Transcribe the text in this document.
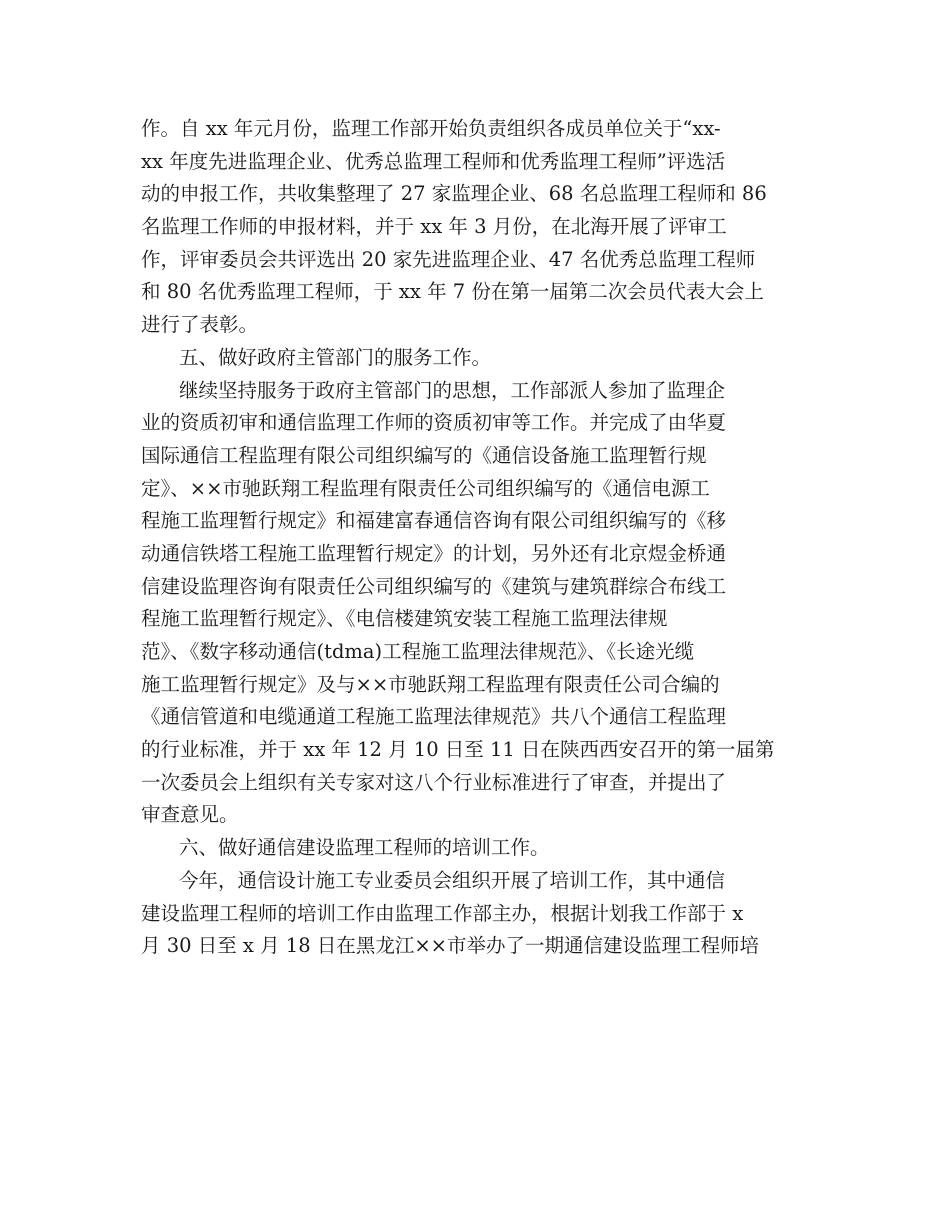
作。自 xx 年元月份，监理工作部开始负责组织各成员单位关于“xx-
xx 年度先进监理企业、优秀总监理工程师和优秀监理工程师”评选活
动的申报工作，共收集整理了 27 家监理企业、68 名总监理工程师和 86
名监理工作师的申报材料，并于 xx 年 3 月份，在北海开展了评审工
作，评审委员会共评选出 20 家先进监理企业、47 名优秀总监理工程师
和 80 名优秀监理工程师，于 xx 年 7 份在第一届第二次会员代表大会上
进行了表彰。
五、做好政府主管部门的服务工作。
继续坚持服务于政府主管部门的思想，工作部派人参加了监理企
业的资质初审和通信监理工作师的资质初审等工作。并完成了由华夏
国际通信工程监理有限公司组织编写的《通信设备施工监理暂行规
定》、××市驰跃翔工程监理有限责任公司组织编写的《通信电源工
程施工监理暂行规定》和福建富春通信咨询有限公司组织编写的《移
动通信铁塔工程施工监理暂行规定》的计划，另外还有北京煜金桥通
信建设监理咨询有限责任公司组织编写的《建筑与建筑群综合布线工
程施工监理暂行规定》、《电信楼建筑安装工程施工监理法律规
范》、《数字移动通信(tdma)工程施工监理法律规范》、《长途光缆
施工监理暂行规定》及与××市驰跃翔工程监理有限责任公司合编的
《通信管道和电缆通道工程施工监理法律规范》共八个通信工程监理
的行业标准，并于 xx 年 12 月 10 日至 11 日在陕西西安召开的第一届第
一次委员会上组织有关专家对这八个行业标准进行了审查，并提出了
审查意见。
六、做好通信建设监理工程师的培训工作。
今年，通信设计施工专业委员会组织开展了培训工作，其中通信
建设监理工程师的培训工作由监理工作部主办，根据计划我工作部于 x
月 30 日至 x 月 18 日在黑龙江××市举办了一期通信建设监理工程师培
